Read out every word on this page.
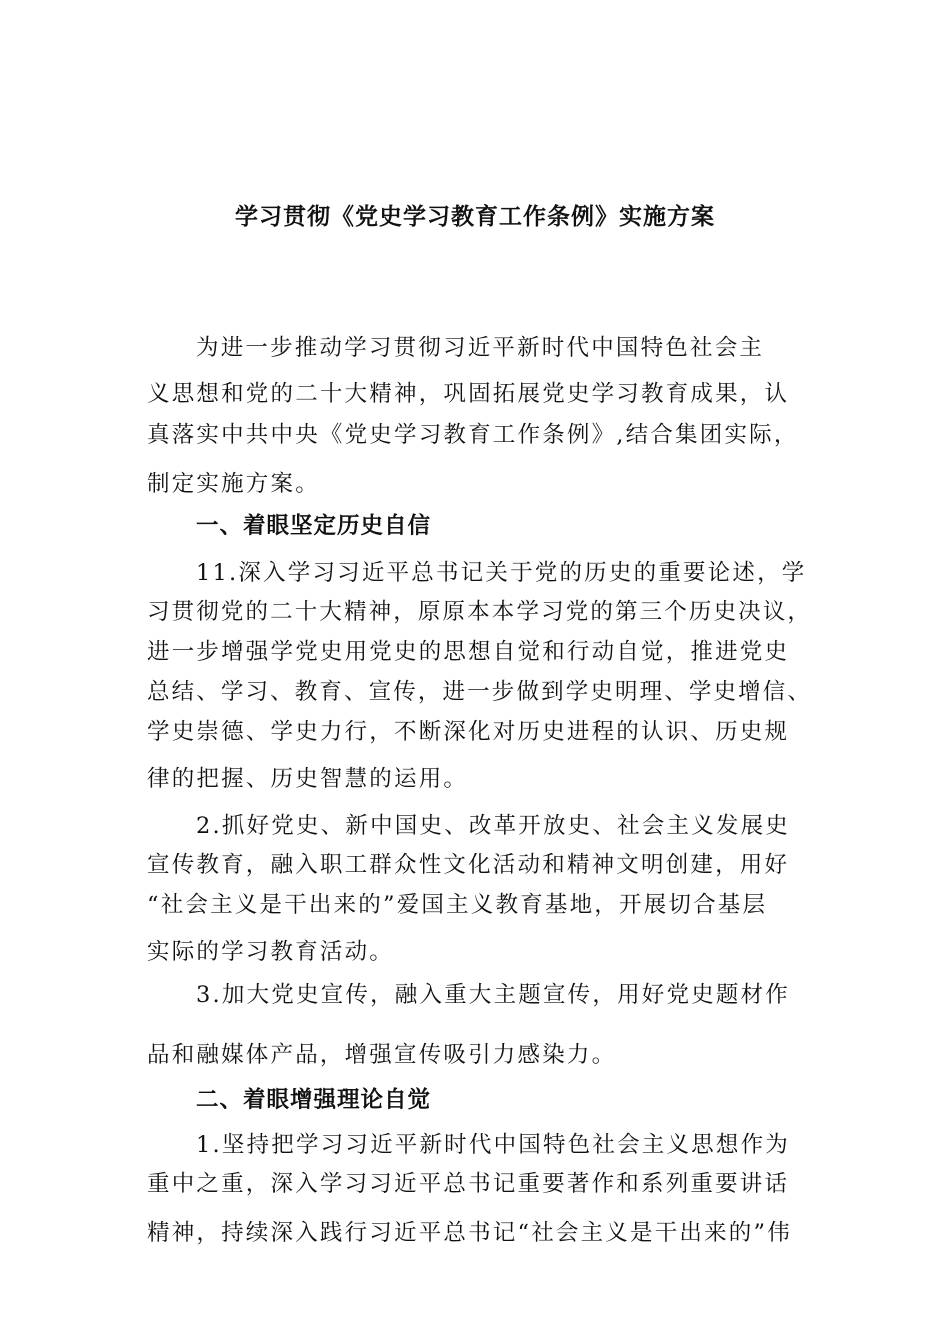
学习贯彻《党史学习教育工作条例》实施方案
为进一步推动学习贯彻习近平新时代中国特色社会主
义思想和党的二十大精神，巩固拓展党史学习教育成果，认
真落实中共中央《党史学习教育工作条例》,结合集团实际，
制定实施方案。
一、着眼坚定历史自信
11.深入学习习近平总书记关于党的历史的重要论述，学
习贯彻党的二十大精神，原原本本学习党的第三个历史决议，
进一步增强学党史用党史的思想自觉和行动自觉，推进党史
总结、学习、教育、宣传，进一步做到学史明理、学史增信、
学史崇德、学史力行，不断深化对历史进程的认识、历史规
律的把握、历史智慧的运用。
2.抓好党史、新中国史、改革开放史、社会主义发展史
宣传教育，融入职工群众性文化活动和精神文明创建，用好
“社会主义是干出来的”爱国主义教育基地，开展切合基层
实际的学习教育活动。
3.加大党史宣传，融入重大主题宣传，用好党史题材作
品和融媒体产品，增强宣传吸引力感染力。
二、着眼增强理论自觉
1.坚持把学习习近平新时代中国特色社会主义思想作为
重中之重，深入学习习近平总书记重要著作和系列重要讲话
精神，持续深入践行习近平总书记“社会主义是干出来的”伟
